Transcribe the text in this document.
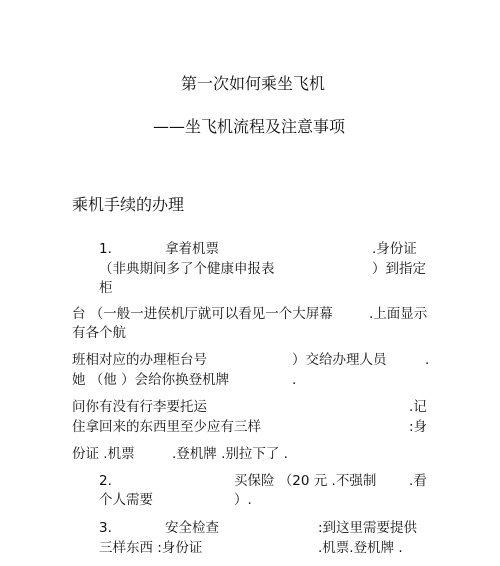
第一次如何乘坐飞机
——坐飞机流程及注意事项
乘机手续的办理
1.	拿着机票	.身份证
（非典期间多了个健康申报表	）到指定
柜
台 （一般一进侯机厅就可以看见一个大屏幕	.上面显示
有各个航
班相对应的办理柜台号	）交给办理人员	.
她 （他 ）会给你换登机牌	.
问你有没有行李要托运	.记
住拿回来的东西里至少应有三样	:身
份证 .机票	.登机牌 .别拉下了 .
2.	买保险 （20 元 .不强制 .看
个人需要	）.
3.	安全检查	:到这里需要提供
三样东西 :身份证	.机票.登机牌 .
